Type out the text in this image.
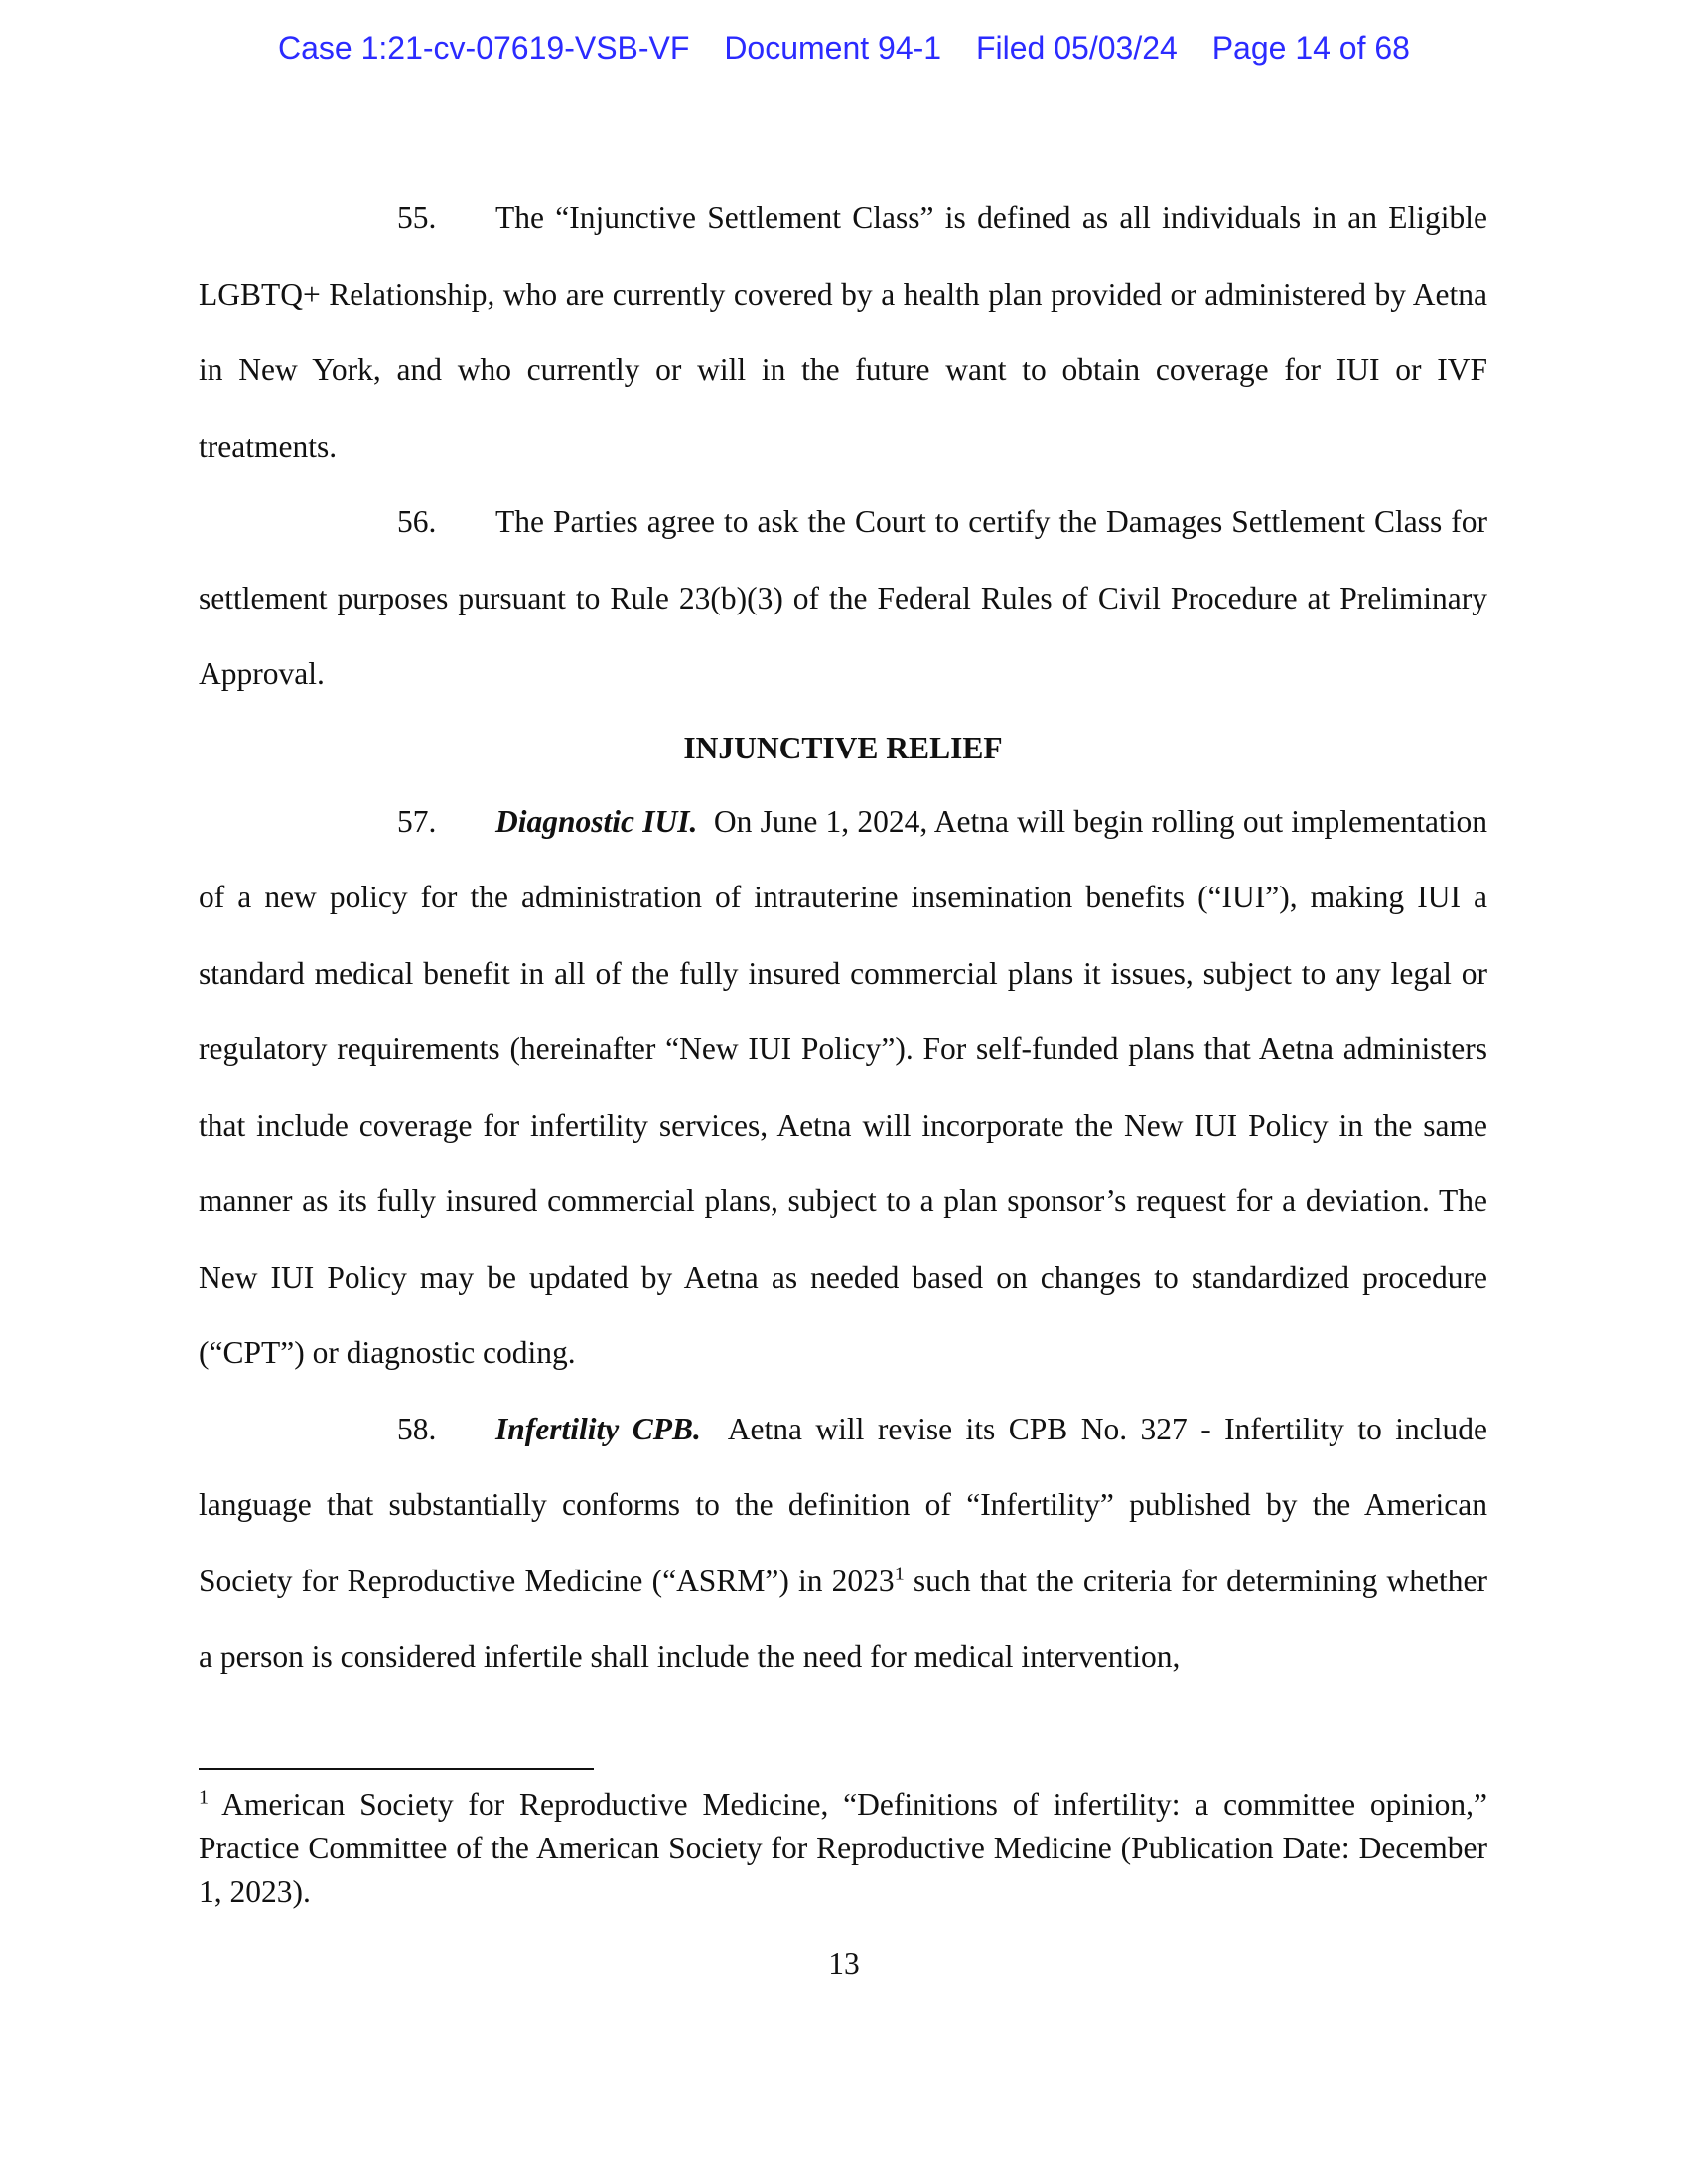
Case 1:21-cv-07619-VSB-VF Document 94-1 Filed 05/03/24 Page 14 of 68

55. The “Injunctive Settlement Class” is defined as all individuals in an Eligible LGBTQ+ Relationship, who are currently covered by a health plan provided or administered by Aetna in New York, and who currently or will in the future want to obtain coverage for IUI or IVF treatments.

56. The Parties agree to ask the Court to certify the Damages Settlement Class for settlement purposes pursuant to Rule 23(b)(3) of the Federal Rules of Civil Procedure at Preliminary Approval.

INJUNCTIVE RELIEF

57. Diagnostic IUI. On June 1, 2024, Aetna will begin rolling out implementation of a new policy for the administration of intrauterine insemination benefits (“IUI”), making IUI a standard medical benefit in all of the fully insured commercial plans it issues, subject to any legal or regulatory requirements (hereinafter “New IUI Policy”). For self-funded plans that Aetna administers that include coverage for infertility services, Aetna will incorporate the New IUI Policy in the same manner as its fully insured commercial plans, subject to a plan sponsor’s request for a deviation. The New IUI Policy may be updated by Aetna as needed based on changes to standardized procedure (“CPT”) or diagnostic coding.

58. Infertility CPB. Aetna will revise its CPB No. 327 - Infertility to include language that substantially conforms to the definition of “Infertility” published by the American Society for Reproductive Medicine (“ASRM”) in 2023$^1$ such that the criteria for determining whether a person is considered infertile shall include the need for medical intervention,

$^1$ American Society for Reproductive Medicine, “Definitions of infertility: a committee opinion,” Practice Committee of the American Society for Reproductive Medicine (Publication Date: December 1, 2023).
13
